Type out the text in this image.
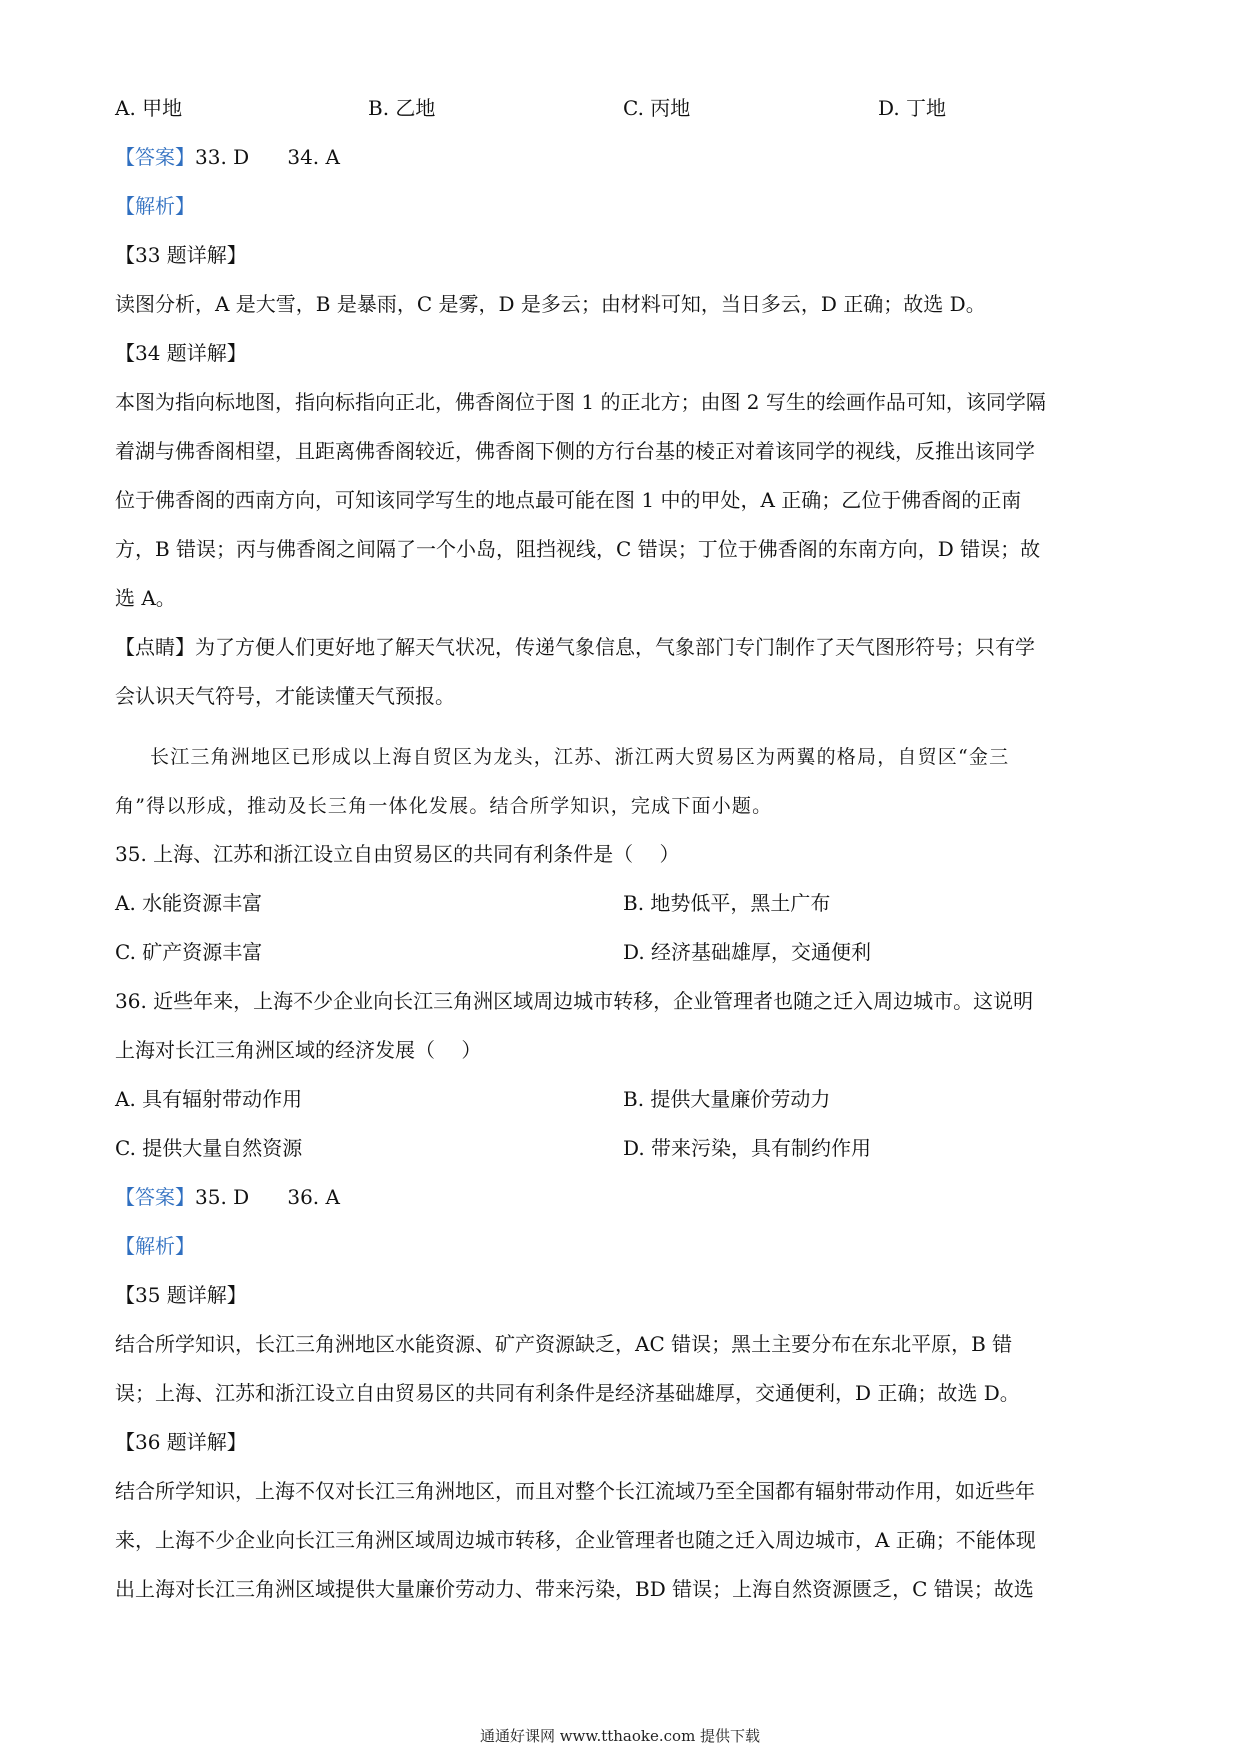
A. 甲地	B. 乙地	C. 丙地	D. 丁地
【答案】33. D      34. A
【解析】
【33 题详解】
读图分析，A 是大雪，B 是暴雨，C 是雾，D 是多云；由材料可知，当日多云，D 正确；故选 D。
【34 题详解】
本图为指向标地图，指向标指向正北，佛香阁位于图 1 的正北方；由图 2 写生的绘画作品可知，该同学隔
着湖与佛香阁相望，且距离佛香阁较近，佛香阁下侧的方行台基的棱正对着该同学的视线，反推出该同学
位于佛香阁的西南方向，可知该同学写生的地点最可能在图 1 中的甲处，A 正确；乙位于佛香阁的正南
方，B 错误；丙与佛香阁之间隔了一个小岛，阻挡视线，C 错误；丁位于佛香阁的东南方向，D 错误；故
选 A。
【点睛】为了方便人们更好地了解天气状况，传递气象信息，气象部门专门制作了天气图形符号；只有学
会认识天气符号，才能读懂天气预报。
长江三角洲地区已形成以上海自贸区为龙头，江苏、浙江两大贸易区为两翼的格局，自贸区“金三
角”得以形成，推动及长三角一体化发展。结合所学知识，完成下面小题。
35. 上海、江苏和浙江设立自由贸易区的共同有利条件是（　 ）
A. 水能资源丰富	B. 地势低平，黑土广布
C. 矿产资源丰富	D. 经济基础雄厚，交通便利
36. 近些年来，上海不少企业向长江三角洲区域周边城市转移，企业管理者也随之迁入周边城市。这说明
上海对长江三角洲区域的经济发展（　 ）
A. 具有辐射带动作用	B. 提供大量廉价劳动力
C. 提供大量自然资源	D. 带来污染，具有制约作用
【答案】35. D      36. A
【解析】
【35 题详解】
结合所学知识，长江三角洲地区水能资源、矿产资源缺乏，AC 错误；黑土主要分布在东北平原，B 错
误；上海、江苏和浙江设立自由贸易区的共同有利条件是经济基础雄厚，交通便利，D 正确；故选 D。
【36 题详解】
结合所学知识，上海不仅对长江三角洲地区，而且对整个长江流域乃至全国都有辐射带动作用，如近些年
来，上海不少企业向长江三角洲区域周边城市转移，企业管理者也随之迁入周边城市，A 正确；不能体现
出上海对长江三角洲区域提供大量廉价劳动力、带来污染，BD 错误；上海自然资源匮乏，C 错误；故选
通通好课网 www.tthaoke.com 提供下载
